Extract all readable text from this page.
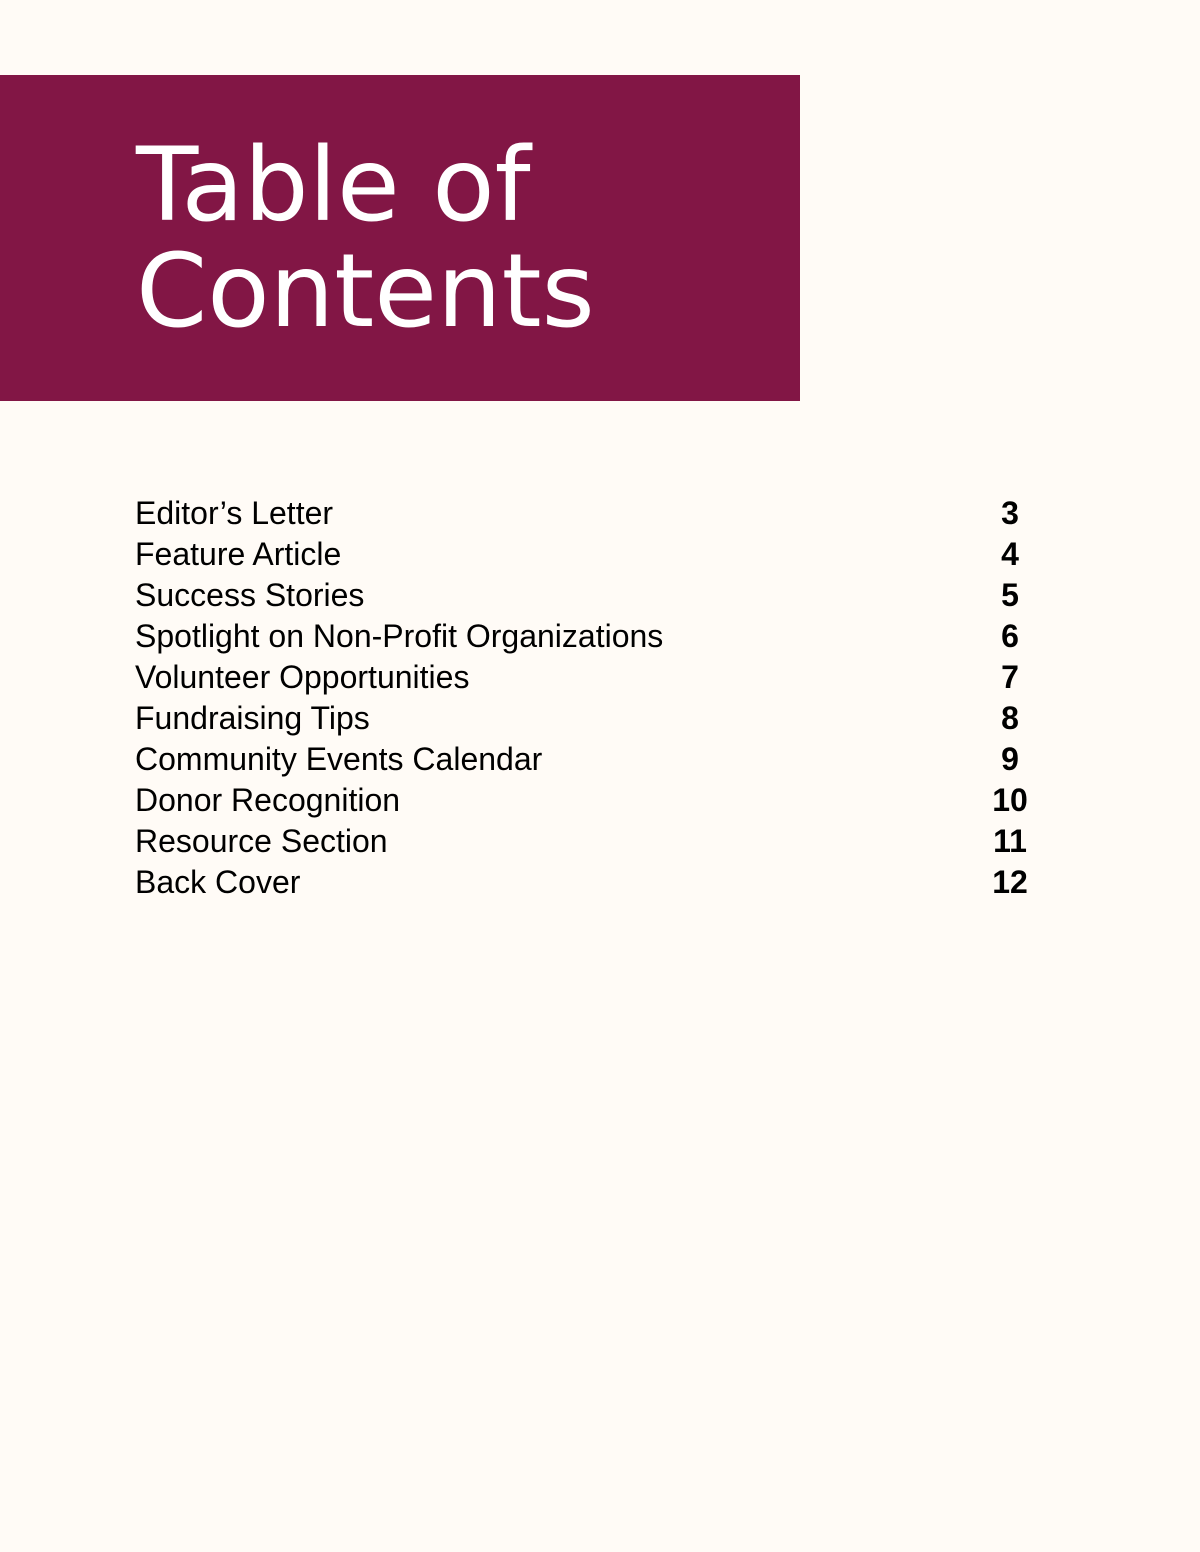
Table of
Contents
Editor’s Letter	3
Feature Article	4
Success Stories	5
Spotlight on Non-Profit Organizations	6
Volunteer Opportunities	7
Fundraising Tips	8
Community Events Calendar	9
Donor Recognition	10
Resource Section	11
Back Cover	12
